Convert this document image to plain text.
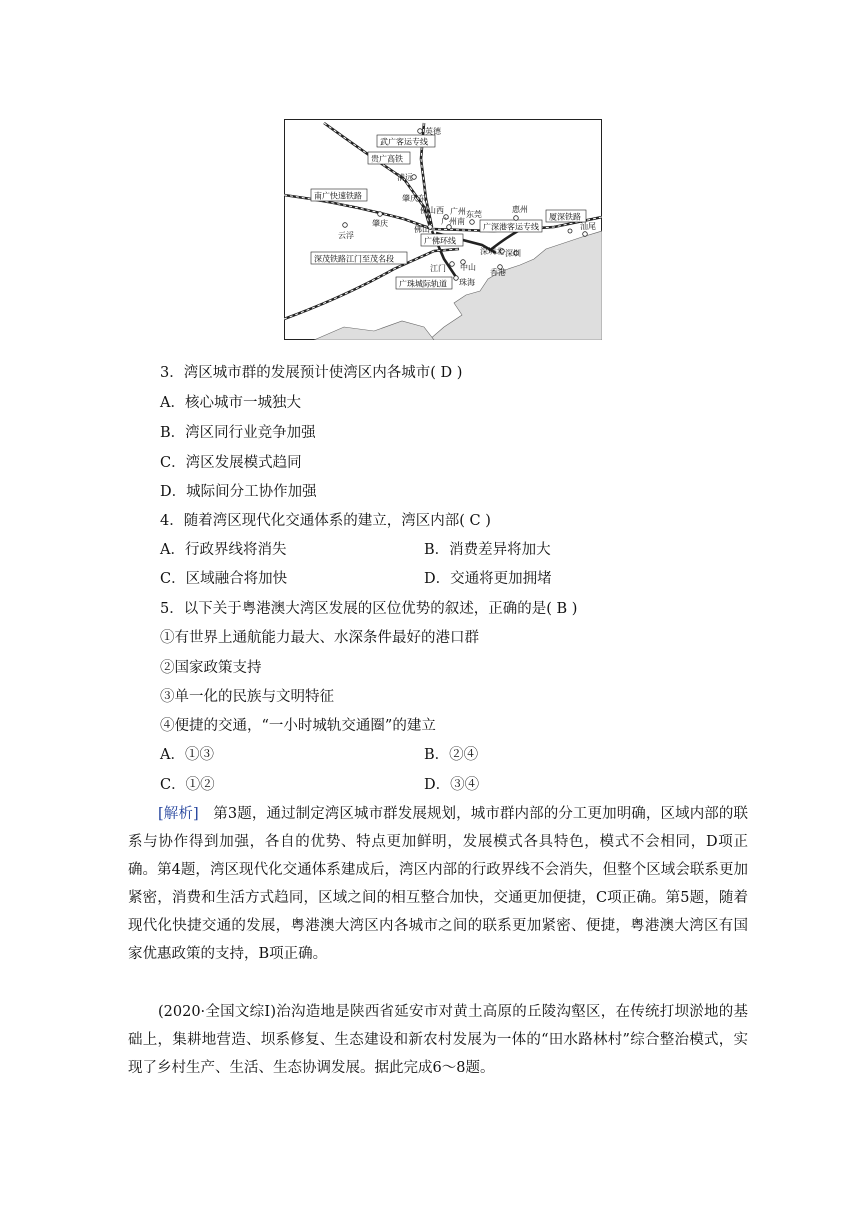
武广客运专线
贵广高铁
南广快速铁路
广佛环线
广深港客运专线
厦深铁路
深茂铁路江门至茂名段
广珠城际轨道
英德
清远
肇庆东
佛山西
肇庆
云浮
佛山
广州
广州南
东莞
惠州
汕尾
深圳北 深圳
香港
江门 中山
珠海
3．湾区城市群的发展预计使湾区内各城市( D )
A．核心城市一城独大
B．湾区同行业竞争加强
C．湾区发展模式趋同
D．城际间分工协作加强
4．随着湾区现代化交通体系的建立，湾区内部( C )
A．行政界线将消失	B．消费差异将加大
C．区域融合将加快	D．交通将更加拥堵
5．以下关于粤港澳大湾区发展的区位优势的叙述，正确的是( B )
①有世界上通航能力最大、水深条件最好的港口群
②国家政策支持
③单一化的民族与文明特征
④便捷的交通，“一小时城轨交通圈”的建立
A．①③	B．②④
C．①②	D．③④
[解析]　第3题，通过制定湾区城市群发展规划，城市群内部的分工更加明确，区域内部的联系与协作得到加强，各自的优势、特点更加鲜明，发展模式各具特色，模式不会相同，D项正确。第4题，湾区现代化交通体系建成后，湾区内部的行政界线不会消失，但整个区域会联系更加紧密，消费和生活方式趋同，区域之间的相互整合加快，交通更加便捷，C项正确。第5题，随着现代化快捷交通的发展，粤港澳大湾区内各城市之间的联系更加紧密、便捷，粤港澳大湾区有国家优惠政策的支持，B项正确。
(2020·全国文综Ⅰ)治沟造地是陕西省延安市对黄土高原的丘陵沟壑区，在传统打坝淤地的基础上，集耕地营造、坝系修复、生态建设和新农村发展为一体的“田水路林村”综合整治模式，实现了乡村生产、生活、生态协调发展。据此完成6～8题。
